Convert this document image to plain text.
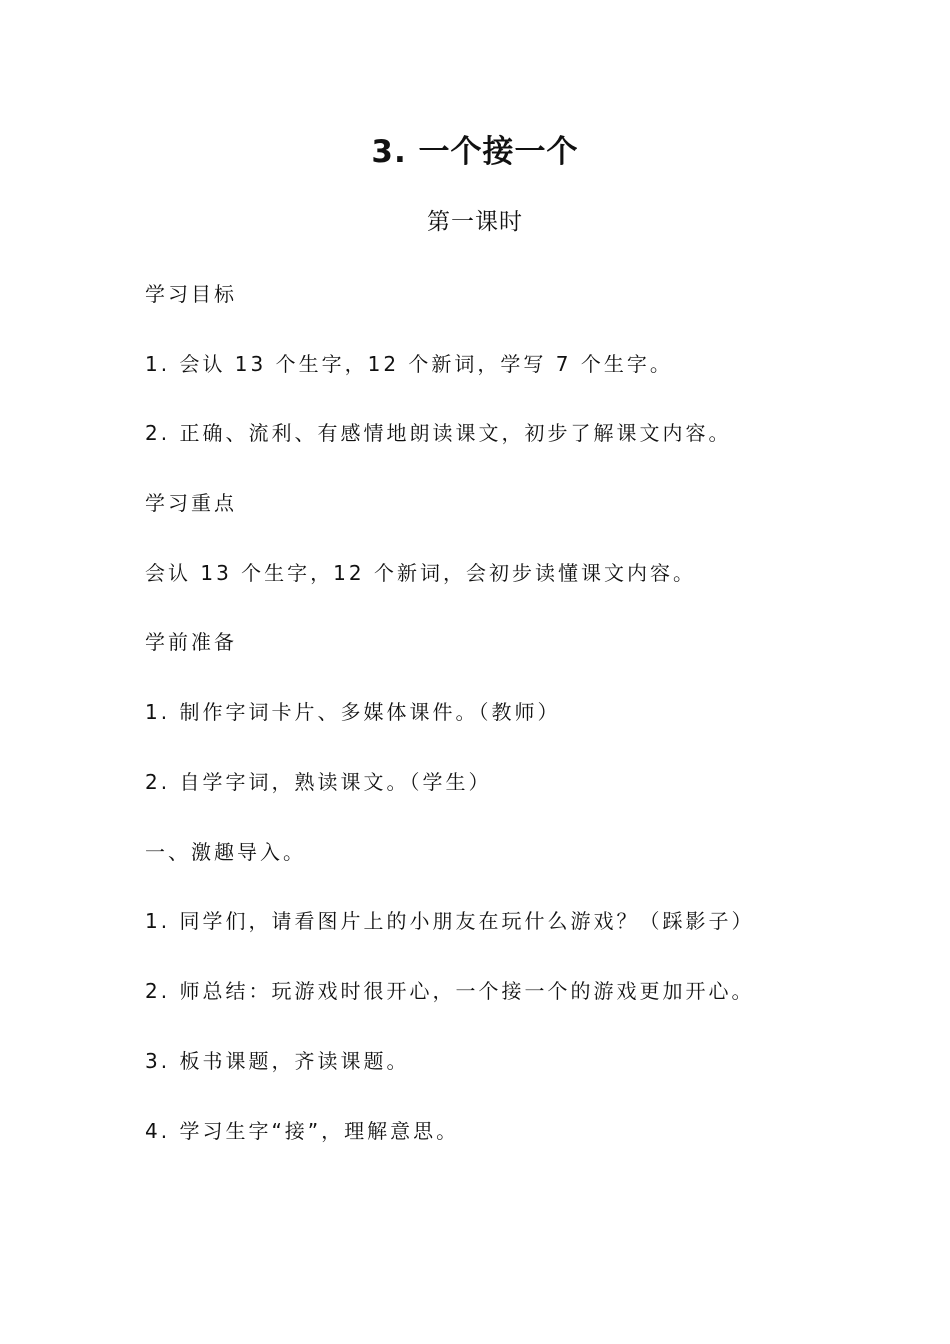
3. 一个接一个
第一课时
学习目标
1. 会认 13 个生字，12 个新词，学写 7 个生字。
2. 正确、流利、有感情地朗读课文，初步了解课文内容。
学习重点
会认 13 个生字，12 个新词，会初步读懂课文内容。
学前准备
1. 制作字词卡片、多媒体课件。（教师）
2. 自学字词，熟读课文。（学生）
一、激趣导入。
1. 同学们，请看图片上的小朋友在玩什么游戏？（踩影子）
2. 师总结：玩游戏时很开心，一个接一个的游戏更加开心。
3. 板书课题，齐读课题。
4. 学习生字“接”，理解意思。
